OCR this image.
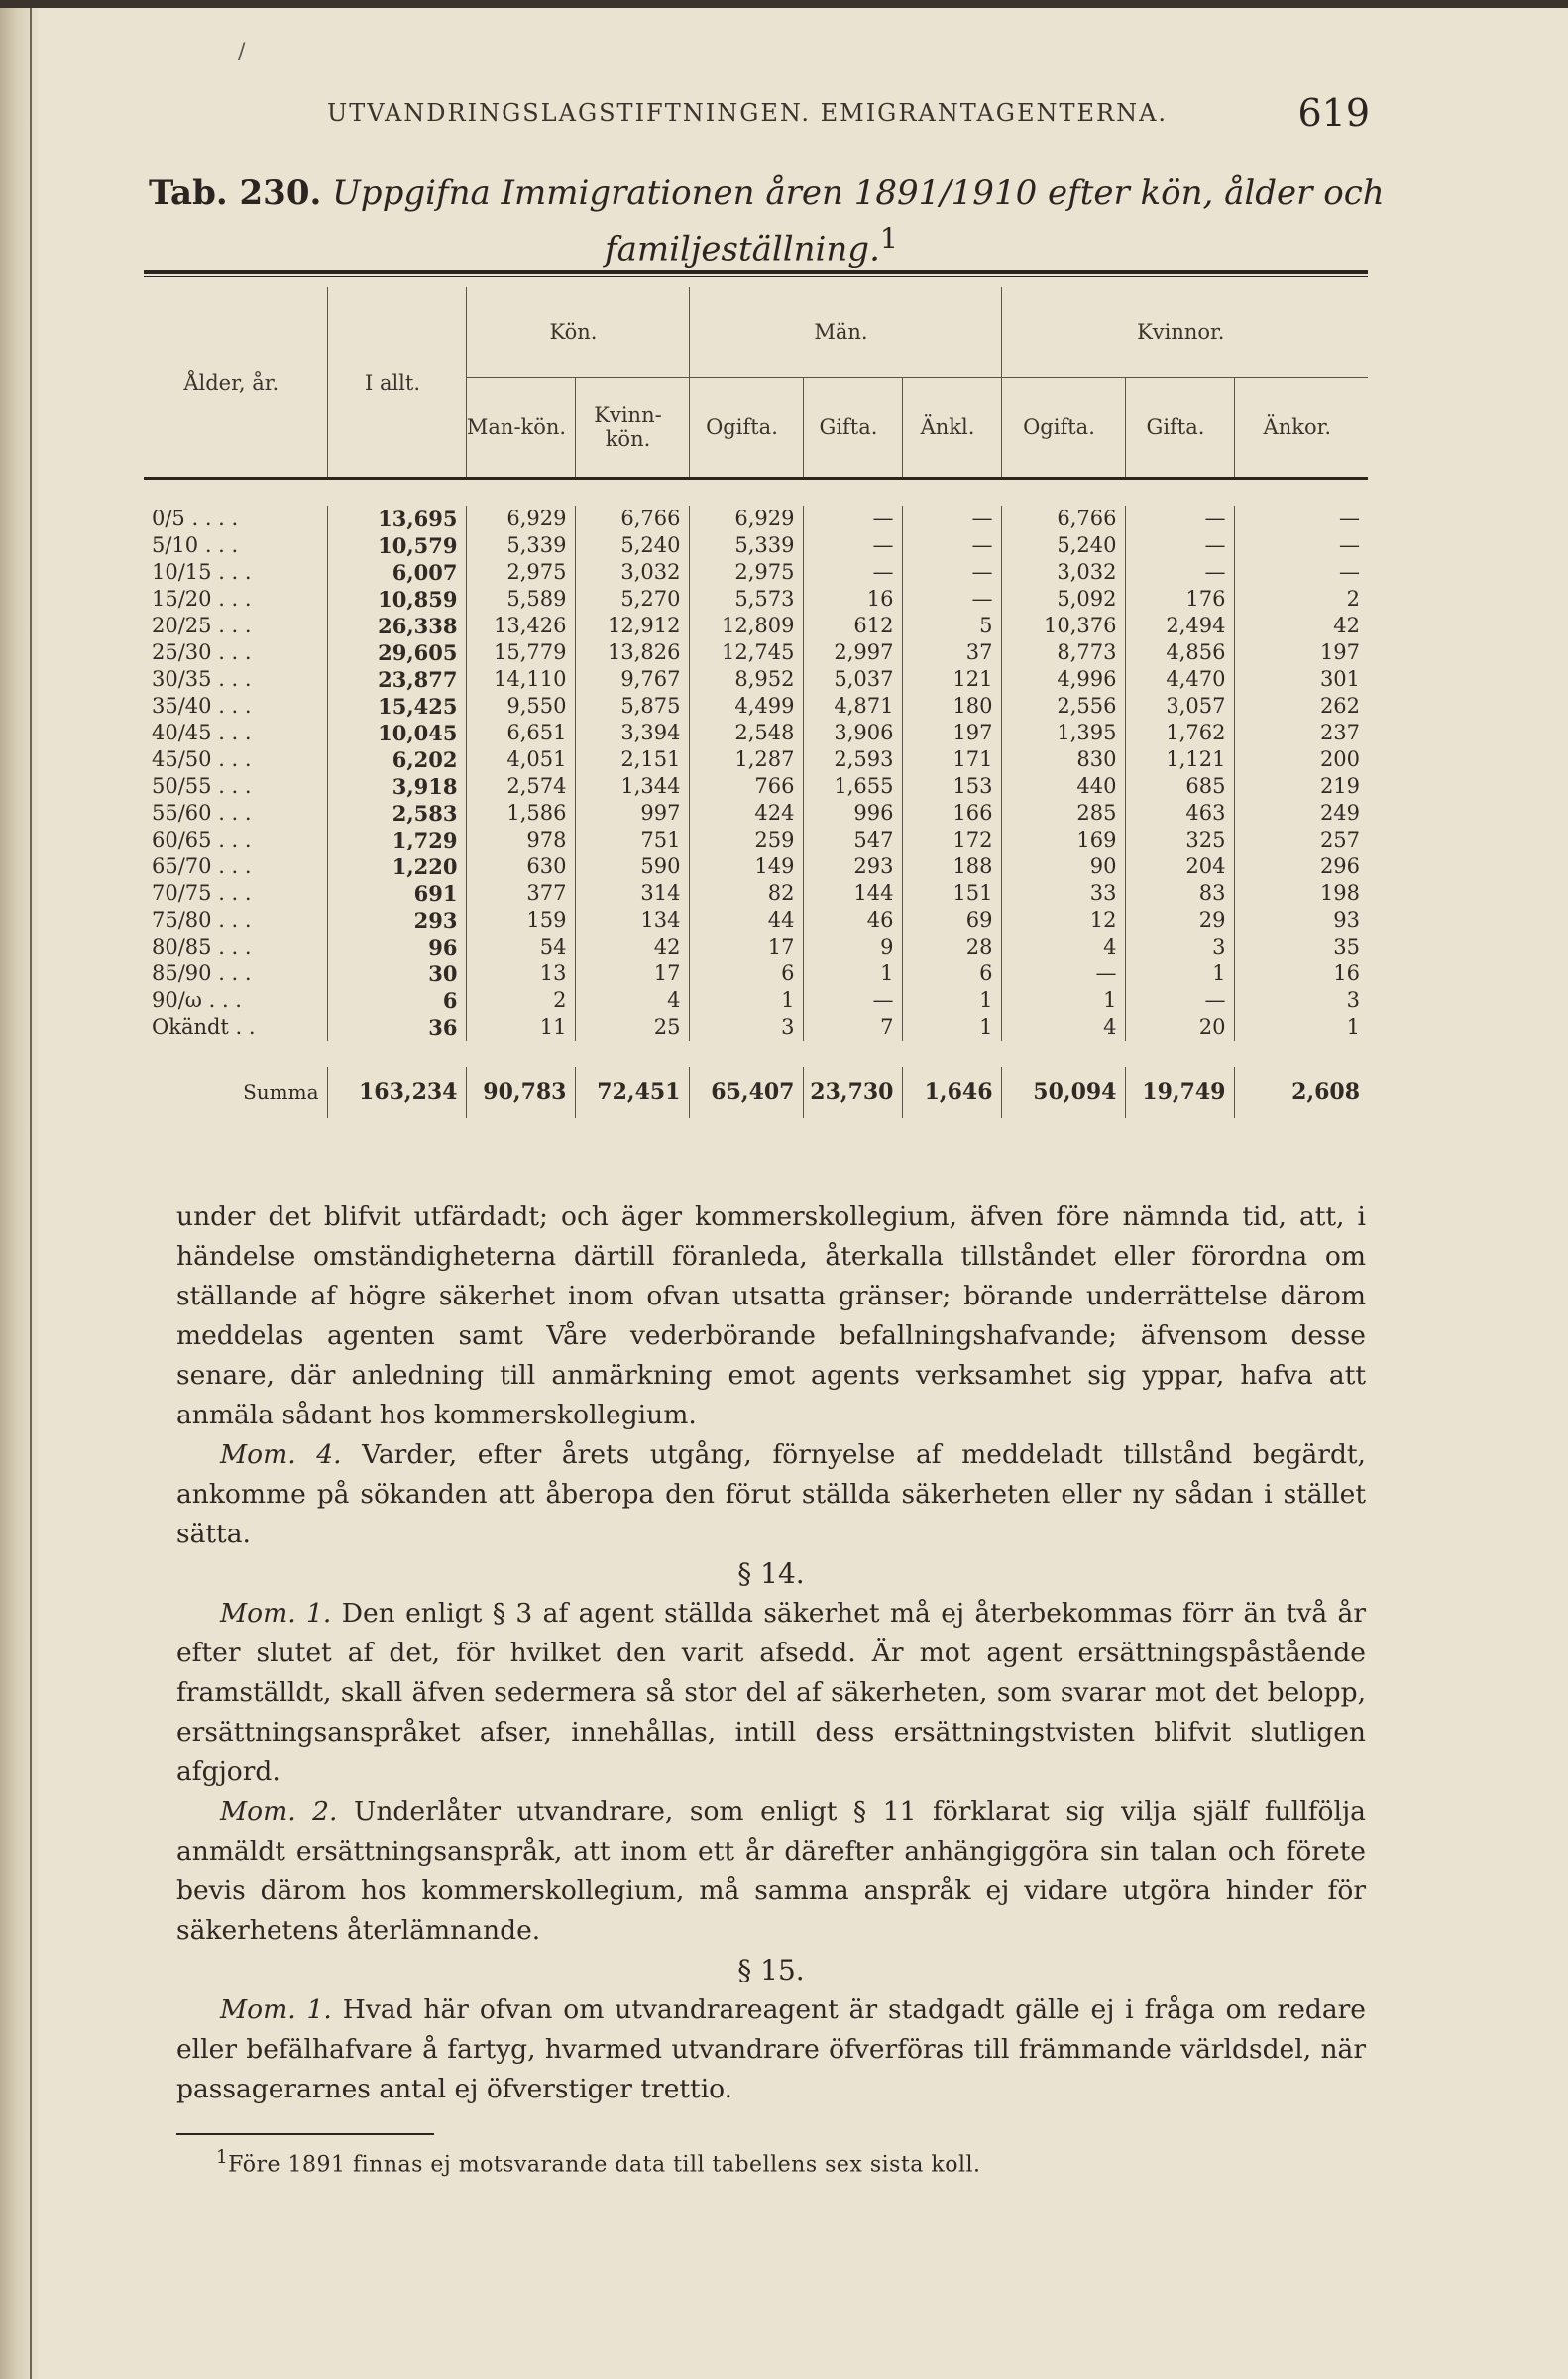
/
UTVANDRINGSLAGSTIFTNINGEN. EMIGRANTAGENTERNA.	619
Tab. 230. Uppgifna Immigrationen åren 1891/1910 efter kön, ålder och
familjeställning.$^1$
Ålder, år.	I allt.	Kön.		Män.			Kvinnor.		
		Man-kön.	Kvinn-kön.	Ogifta.	Gifta.	Änkl.	Ogifta.	Gifta.	Änkor.

0/5 . . . .	13,695	6,929	6,766	6,929	—	—	6,766	—	—
5/10 . . .	10,579	5,339	5,240	5,339	—	—	5,240	—	—
10/15 . . .	6,007	2,975	3,032	2,975	—	—	3,032	—	—
15/20 . . .	10,859	5,589	5,270	5,573	16	—	5,092	176	2
20/25 . . .	26,338	13,426	12,912	12,809	612	5	10,376	2,494	42
25/30 . . .	29,605	15,779	13,826	12,745	2,997	37	8,773	4,856	197
30/35 . . .	23,877	14,110	9,767	8,952	5,037	121	4,996	4,470	301
35/40 . . .	15,425	9,550	5,875	4,499	4,871	180	2,556	3,057	262
40/45 . . .	10,045	6,651	3,394	2,548	3,906	197	1,395	1,762	237
45/50 . . .	6,202	4,051	2,151	1,287	2,593	171	830	1,121	200
50/55 . . .	3,918	2,574	1,344	766	1,655	153	440	685	219
55/60 . . .	2,583	1,586	997	424	996	166	285	463	249
60/65 . . .	1,729	978	751	259	547	172	169	325	257
65/70 . . .	1,220	630	590	149	293	188	90	204	296
70/75 . . .	691	377	314	82	144	151	33	83	198
75/80 . . .	293	159	134	44	46	69	12	29	93
80/85 . . .	96	54	42	17	9	28	4	3	35
85/90 . . .	30	13	17	6	1	6	—	1	16
90/ω . . .	6	2	4	1	—	1	1	—	3
Okändt . .	36	11	25	3	7	1	4	20	1

Summa	163,234	90,783	72,451	65,407	23,730	1,646	50,094	19,749	2,608

under det blifvit utfärdadt; och äger kommerskollegium, äfven före nämnda tid, att, i händelse omständigheterna därtill föranleda, återkalla tillståndet eller förordna om ställande af högre säkerhet inom ofvan utsatta gränser; börande underrättelse därom meddelas agenten samt Våre vederbörande befallningshafvande; äfvensom desse senare, där anledning till anmärkning emot agents verksamhet sig yppar, hafva att anmäla sådant hos kommerskollegium.

Mom. 4. Varder, efter årets utgång, förnyelse af meddeladt tillstånd begärdt, ankomme på sökanden att åberopa den förut ställda säkerheten eller ny sådan i stället sätta.

§ 14.

Mom. 1. Den enligt § 3 af agent ställda säkerhet må ej återbekommas förr än två år efter slutet af det, för hvilket den varit afsedd. Är mot agent ersättningspåstående framställdt, skall äfven sedermera så stor del af säkerheten, som svarar mot det belopp, ersättningsanspråket afser, innehållas, intill dess ersättningstvisten blifvit slutligen afgjord.

Mom. 2. Underlåter utvandrare, som enligt § 11 förklarat sig vilja själf fullfölja anmäldt ersättningsanspråk, att inom ett år därefter anhängiggöra sin talan och förete bevis därom hos kommerskollegium, må samma anspråk ej vidare utgöra hinder för säkerhetens återlämnande.

§ 15.

Mom. 1. Hvad här ofvan om utvandrareagent är stadgadt gälle ej i fråga om redare eller befälhafvare å fartyg, hvarmed utvandrare öfverföras till främmande världsdel, när passagerarnes antal ej öfverstiger trettio.

$^1$Före 1891 finnas ej motsvarande data till tabellens sex sista koll.
